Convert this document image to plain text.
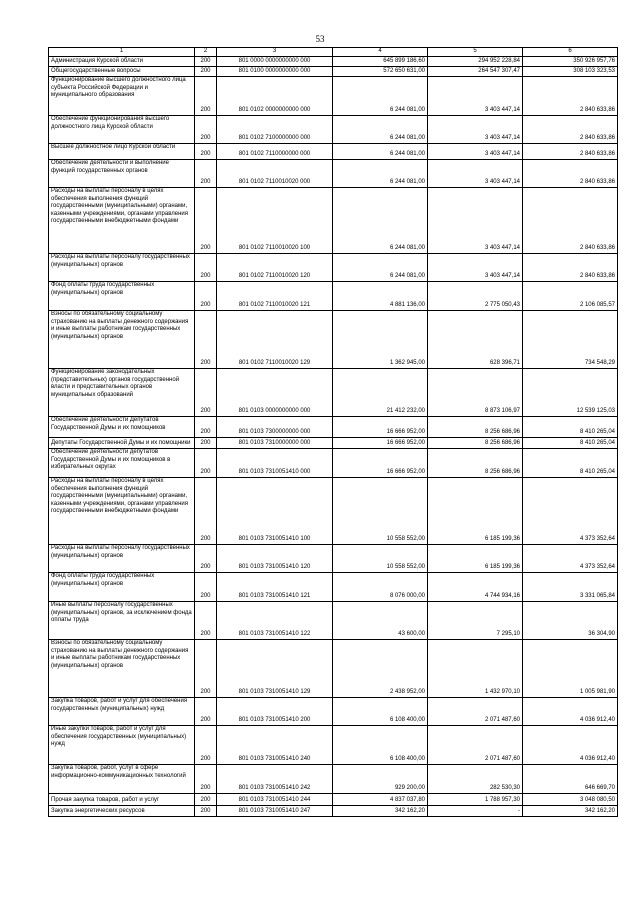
53
1	2	3	4	5	6
Администрация Курской области	200	801 0000 0000000000 000	645 899 186,60	294 952 228,84	350 926 957,76
Общегосударственные вопросы	200	801 0100 0000000000 000	572 650 631,00	264 547 307,47	308 103 323,53
Функционирование высшего должностного лица субъекта Российской Федерации и муниципального образования	200	801 0102 0000000000 000	6 244 081,00	3 403 447,14	2 840 633,86
Обеспечение функционирования высшего должностного лица Курской области	200	801 0102 7100000000 000	6 244 081,00	3 403 447,14	2 840 633,86
Высшее должностное лицо Курской области	200	801 0102 7110000000 000	6 244 081,00	3 403 447,14	2 840 633,86
Обеспечение деятельности и выполнение функций государственных органов	200	801 0102 7110010020 000	6 244 081,00	3 403 447,14	2 840 633,86
Расходы на выплаты персоналу в целях обеспечения выполнения функций государственными (муниципальными) органами, казенными учреждениями, органами управления государственными внебюджетными фондами	200	801 0102 7110010020 100	6 244 081,00	3 403 447,14	2 840 633,86
Расходы на выплаты персоналу государственных (муниципальных) органов	200	801 0102 7110010020 120	6 244 081,00	3 403 447,14	2 840 633,86
Фонд оплаты труда государственных (муниципальных) органов	200	801 0102 7110010020 121	4 881 136,00	2 775 050,43	2 106 085,57
Взносы по обязательному социальному страхованию на выплаты денежного содержания и иные выплаты работникам государственных (муниципальных) органов	200	801 0102 7110010020 129	1 362 945,00	628 396,71	734 548,29
Функционирование законодательных (представительных) органов государственной власти и представительных органов муниципальных образований	200	801 0103 0000000000 000	21 412 232,00	8 873 106,97	12 539 125,03
Обеспечение деятельности Депутатов Государственной Думы и их помощников	200	801 0103 7300000000 000	16 666 952,00	8 256 686,96	8 410 265,04
Депутаты Государственной Думы и их помощники	200	801 0103 7310000000 000	16 666 952,00	8 256 686,96	8 410 265,04
Обеспечение деятельности депутатов Государственной Думы и их помощников в избирательных округах	200	801 0103 7310051410 000	16 666 952,00	8 256 686,96	8 410 265,04
Расходы на выплаты персоналу в целях обеспечения выполнения функций государственными (муниципальными) органами, казенными учреждениями, органами управления государственными внебюджетными фондами	200	801 0103 7310051410 100	10 558 552,00	6 185 199,36	4 373 352,64
Расходы на выплаты персоналу государственных (муниципальных) органов	200	801 0103 7310051410 120	10 558 552,00	6 185 199,36	4 373 352,64
Фонд оплаты труда государственных (муниципальных) органов	200	801 0103 7310051410 121	8 076 000,00	4 744 934,16	3 331 065,84
Иные выплаты персоналу государственных (муниципальных) органов, за исключением фонда оплаты труда	200	801 0103 7310051410 122	43 600,00	7 295,10	36 304,90
Взносы по обязательному социальному страхованию на выплаты денежного содержания и иные выплаты работникам государственных (муниципальных) органов	200	801 0103 7310051410 129	2 438 952,00	1 432 970,10	1 005 981,90
Закупка товаров, работ и услуг для обеспечения государственных (муниципальных) нужд	200	801 0103 7310051410 200	6 108 400,00	2 071 487,60	4 036 912,40
Иные закупки товаров, работ и услуг для обеспечения государственных (муниципальных) нужд	200	801 0103 7310051410 240	6 108 400,00	2 071 487,60	4 036 912,40
Закупка товаров, работ, услуг в сфере информационно-коммуникационных технологий	200	801 0103 7310051410 242	929 200,00	282 530,30	646 669,70
Прочая закупка товаров, работ и услуг	200	801 0103 7310051410 244	4 837 037,80	1 788 957,30	3 048 080,50
Закупка энергетических ресурсов	200	801 0103 7310051410 247	342 162,20	-	342 162,20
